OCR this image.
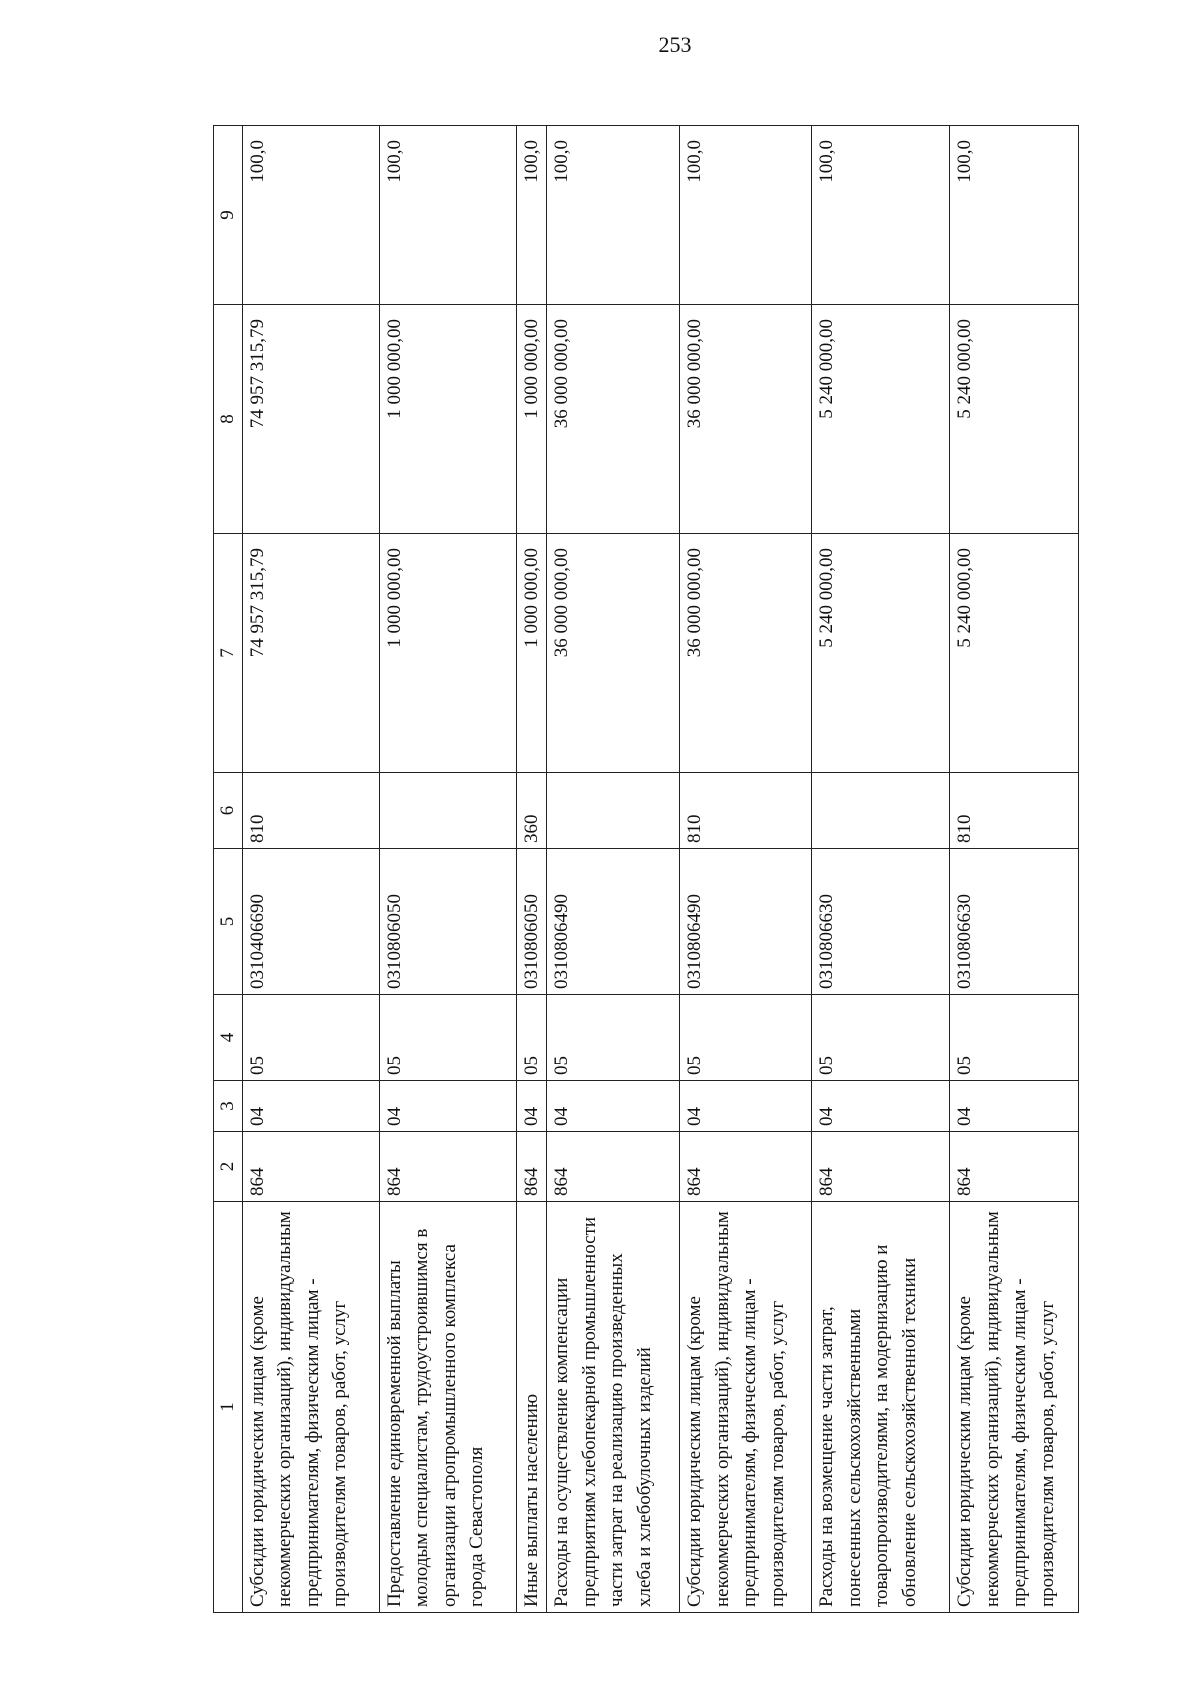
253
1	2	3	4	5	6	7	8	9
Субсидии юридическим лицам (кроме некоммерческих организаций), индивидуальным предпринимателям, физическим лицам - производителям товаров, работ, услуг	864	04	05	0310406690	810	74 957 315,79	74 957 315,79	100,0
Предоставление единовременной выплаты молодым специалистам, трудоустроившимся в организации агропромышленного комплекса города Севастополя	864	04	05	0310806050		1 000 000,00	1 000 000,00	100,0
Иные выплаты населению	864	04	05	0310806050	360	1 000 000,00	1 000 000,00	100,0
Расходы на осуществление компенсации предприятиям хлебопекарной промышленности части затрат на реализацию произведенных хлеба и хлебобулочных изделий	864	04	05	0310806490		36 000 000,00	36 000 000,00	100,0
Субсидии юридическим лицам (кроме некоммерческих организаций), индивидуальным предпринимателям, физическим лицам - производителям товаров, работ, услуг	864	04	05	0310806490	810	36 000 000,00	36 000 000,00	100,0
Расходы на возмещение части затрат, понесенных сельскохозяйственными товаропроизводителями, на модернизацию и обновление сельскохозяйственной техники	864	04	05	0310806630		5 240 000,00	5 240 000,00	100,0
Субсидии юридическим лицам (кроме некоммерческих организаций), индивидуальным предпринимателям, физическим лицам - производителям товаров, работ, услуг	864	04	05	0310806630	810	5 240 000,00	5 240 000,00	100,0
